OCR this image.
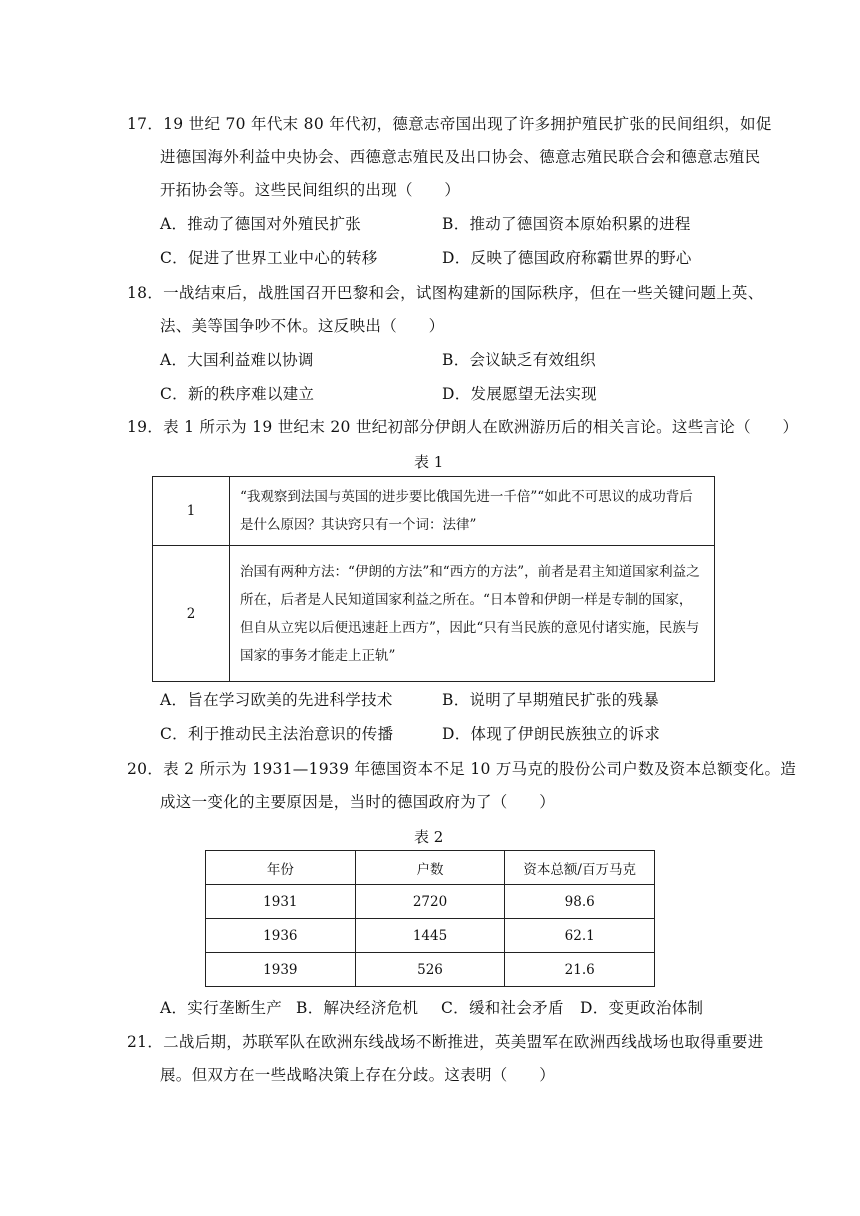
17．19 世纪 70 年代末 80 年代初，德意志帝国出现了许多拥护殖民扩张的民间组织，如促
进德国海外利益中央协会、西德意志殖民及出口协会、德意志殖民联合会和德意志殖民
开拓协会等。这些民间组织的出现（　　）
A．推动了德国对外殖民扩张	B．推动了德国资本原始积累的进程
C．促进了世界工业中心的转移	D．反映了德国政府称霸世界的野心
18．一战结束后，战胜国召开巴黎和会，试图构建新的国际秩序，但在一些关键问题上英、
法、美等国争吵不休。这反映出（　　）
A．大国利益难以协调	B．会议缺乏有效组织
C．新的秩序难以建立	D．发展愿望无法实现
19．表 1 所示为 19 世纪末 20 世纪初部分伊朗人在欧洲游历后的相关言论。这些言论（　　）
表 1
1	“我观察到法国与英国的进步要比俄国先进一千倍”“如此不可思议的成功背后是什么原因？其诀窍只有一个词：法律”
2	治国有两种方法：“伊朗的方法”和“西方的方法”，前者是君主知道国家利益之所在，后者是人民知道国家利益之所在。“日本曾和伊朗一样是专制的国家，但自从立宪以后便迅速赶上西方”，因此“只有当民族的意见付诸实施，民族与国家的事务才能走上正轨”
A．旨在学习欧美的先进科学技术	B．说明了早期殖民扩张的残暴
C．利于推动民主法治意识的传播	D．体现了伊朗民族独立的诉求
20．表 2 所示为 1931—1939 年德国资本不足 10 万马克的股份公司户数及资本总额变化。造
成这一变化的主要原因是，当时的德国政府为了（　　）
表 2
年份	户数	资本总额/百万马克
1931	2720	98.6
1936	1445	62.1
1939	526	21.6
A．实行垄断生产 B．解决经济危机 C．缓和社会矛盾 D．变更政治体制
21．二战后期，苏联军队在欧洲东线战场不断推进，英美盟军在欧洲西线战场也取得重要进
展。但双方在一些战略决策上存在分歧。这表明（　　）
